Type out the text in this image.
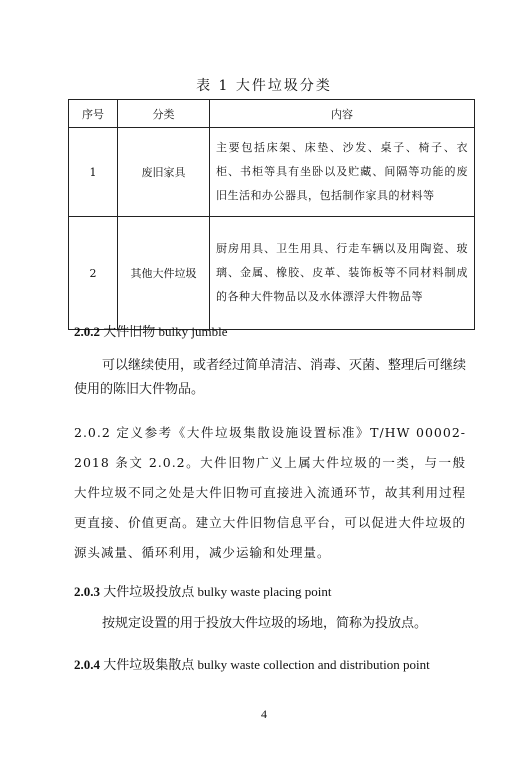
表 1 大件垃圾分类
序号	分类	内容
1	废旧家具	主要包括床架、床垫、沙发、桌子、椅子、衣柜、书柜等具有坐卧以及贮藏、间隔等功能的废旧生活和办公器具，包括制作家具的材料等
2	其他大件垃圾	厨房用具、卫生用具、行走车辆以及用陶瓷、玻璃、金属、橡胶、皮革、装饰板等不同材料制成的各种大件物品以及水体漂浮大件物品等
2.0.2 大件旧物 bulky jumble
可以继续使用，或者经过简单清洁、消毒、灭菌、整理后可继续使用的陈旧大件物品。
2.0.2 定义参考《大件垃圾集散设施设置标准》T/HW 00002-2018 条文 2.0.2。大件旧物广义上属大件垃圾的一类，与一般大件垃圾不同之处是大件旧物可直接进入流通环节，故其利用过程更直接、价值更高。建立大件旧物信息平台，可以促进大件垃圾的源头减量、循环利用，减少运输和处理量。
2.0.3 大件垃圾投放点 bulky waste placing point
按规定设置的用于投放大件垃圾的场地，简称为投放点。
2.0.4 大件垃圾集散点 bulky waste collection and distribution point
4
